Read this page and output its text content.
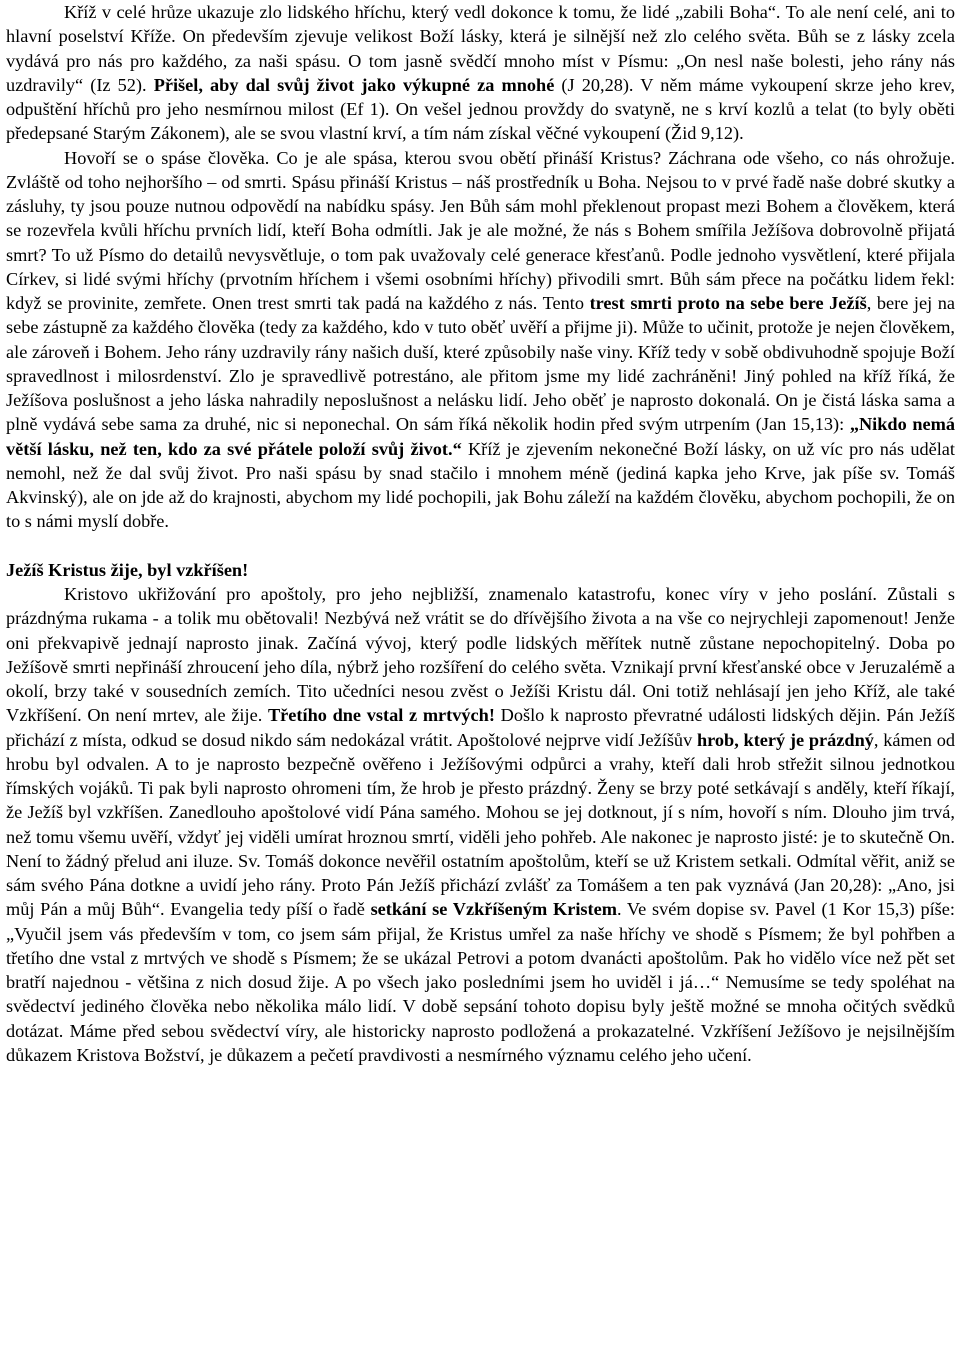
Kříž v celé hrůze ukazuje zlo lidského hříchu, který vedl dokonce k tomu, že lidé „zabili Boha“. To ale není celé, ani to hlavní poselství Kříže. On především zjevuje velikost Boží lásky, která je silnější než zlo celého světa. Bůh se z lásky zcela vydává pro nás pro každého, za naši spásu. O tom jasně svědčí mnoho míst v Písmu: „On nesl naše bolesti, jeho rány nás uzdravily“ (Iz 52). Přišel, aby dal svůj život jako výkupné za mnohé (J 20,28). V něm máme vykoupení skrze jeho krev, odpuštění hříchů pro jeho nesmírnou milost (Ef 1). On vešel jednou provždy do svatyně, ne s krví kozlů a telat (to byly oběti předepsané Starým Zákonem), ale se svou vlastní krví, a tím nám získal věčné vykoupení (Žid 9,12).

Hovoří se o spáse člověka. Co je ale spása, kterou svou obětí přináší Kristus? Záchrana ode všeho, co nás ohrožuje. Zvláště od toho nejhoršího – od smrti. Spásu přináší Kristus – náš prostředník u Boha. Nejsou to v prvé řadě naše dobré skutky a zásluhy, ty jsou pouze nutnou odpovědí na nabídku spásy. Jen Bůh sám mohl překlenout propast mezi Bohem a člověkem, která se rozevřela kvůli hříchu prvních lidí, kteří Boha odmítli. Jak je ale možné, že nás s Bohem smířila Ježíšova dobrovolně přijatá smrt? To už Písmo do detailů nevysvětluje, o tom pak uvažovaly celé generace křesťanů. Podle jednoho vysvětlení, které přijala Církev, si lidé svými hříchy (prvotním hříchem i všemi osobními hříchy) přivodili smrt. Bůh sám přece na počátku lidem řekl: když se provinite, zemřete. Onen trest smrti tak padá na každého z nás. Tento trest smrti proto na sebe bere Ježíš, bere jej na sebe zástupně za každého člověka (tedy za každého, kdo v tuto oběť uvěří a přijme ji). Může to učinit, protože je nejen člověkem, ale zároveň i Bohem. Jeho rány uzdravily rány našich duší, které způsobily naše viny. Kříž tedy v sobě obdivuhodně spojuje Boží spravedlnost i milosrdenství. Zlo je spravedlivě potrestáno, ale přitom jsme my lidé zachráněni! Jiný pohled na kříž říká, že Ježíšova poslušnost a jeho láska nahradily neposlušnost a nelásku lidí. Jeho oběť je naprosto dokonalá. On je čistá láska sama a plně vydává sebe sama za druhé, nic si neponechal. On sám říká několik hodin před svým utrpením (Jan 15,13): „Nikdo nemá větší lásku, než ten, kdo za své přátele položí svůj život.“ Kříž je zjevením nekonečné Boží lásky, on už víc pro nás udělat nemohl, než že dal svůj život. Pro naši spásu by snad stačilo i mnohem méně (jediná kapka jeho Krve, jak píše sv. Tomáš Akvinský), ale on jde až do krajnosti, abychom my lidé pochopili, jak Bohu záleží na každém člověku, abychom pochopili, že on to s námi myslí dobře.

Ježíš Kristus žije, byl vzkříšen!

Kristovo ukřižování pro apoštoly, pro jeho nejbližší, znamenalo katastrofu, konec víry v jeho poslání. Zůstali s prázdnýma rukama - a tolik mu obětovali! Nezbývá než vrátit se do dřívějšího života a na vše co nejrychleji zapomenout! Jenže oni překvapivě jednají naprosto jinak. Začíná vývoj, který podle lidských měřítek nutně zůstane nepochopitelný. Doba po Ježíšově smrti nepřináší zhroucení jeho díla, nýbrž jeho rozšíření do celého světa. Vznikají první křesťanské obce v Jeruzalémě a okolí, brzy také v sousedních zemích. Tito učedníci nesou zvěst o Ježíši Kristu dál. Oni totiž nehlásají jen jeho Kříž, ale také Vzkříšení. On není mrtev, ale žije. Třetího dne vstal z mrtvých! Došlo k naprosto převratné události lidských dějin. Pán Ježíš přichází z místa, odkud se dosud nikdo sám nedokázal vrátit. Apoštolové nejprve vidí Ježíšův hrob, který je prázdný, kámen od hrobu byl odvalen. A to je naprosto bezpečně ověřeno i Ježíšovými odpůrci a vrahy, kteří dali hrob střežit silnou jednotkou římských vojáků. Ti pak byli naprosto ohromeni tím, že hrob je přesto prázdný. Ženy se brzy poté setkávají s anděly, kteří říkají, že Ježíš byl vzkříšen. Zanedlouho apoštolové vidí Pána samého. Mohou se jej dotknout, jí s ním, hovoří s ním. Dlouho jim trvá, než tomu všemu uvěří, vždyť jej viděli umírat hroznou smrtí, viděli jeho pohřeb. Ale nakonec je naprosto jisté: je to skutečně On. Není to žádný přelud ani iluze. Sv. Tomáš dokonce nevěřil ostatním apoštolům, kteří se už Kristem setkali. Odmítal věřit, aniž se sám svého Pána dotkne a uvidí jeho rány. Proto Pán Ježíš přichází zvlášť za Tomášem a ten pak vyznává (Jan 20,28): „Ano, jsi můj Pán a můj Bůh“. Evangelia tedy píší o řadě setkání se Vzkříšeným Kristem. Ve svém dopise sv. Pavel (1 Kor 15,3) píše: „Vyučil jsem vás především v tom, co jsem sám přijal, že Kristus umřel za naše hříchy ve shodě s Písmem; že byl pohřben a třetího dne vstal z mrtvých ve shodě s Písmem; že se ukázal Petrovi a potom dvanácti apoštolům. Pak ho vidělo více než pět set bratří najednou - většina z nich dosud žije. A po všech jako posledními jsem ho uviděl i já…“ Nemusíme se tedy spoléhat na svědectví jediného člověka nebo několika málo lidí. V době sepsání tohoto dopisu byly ještě možné se mnoha očitých svědků dotázat. Máme před sebou svědectví víry, ale historicky naprosto podložená a prokazatelné. Vzkříšení Ježíšovo je nejsilnějším důkazem Kristova Božství, je důkazem a pečetí pravdivosti a nesmírného významu celého jeho učení.
